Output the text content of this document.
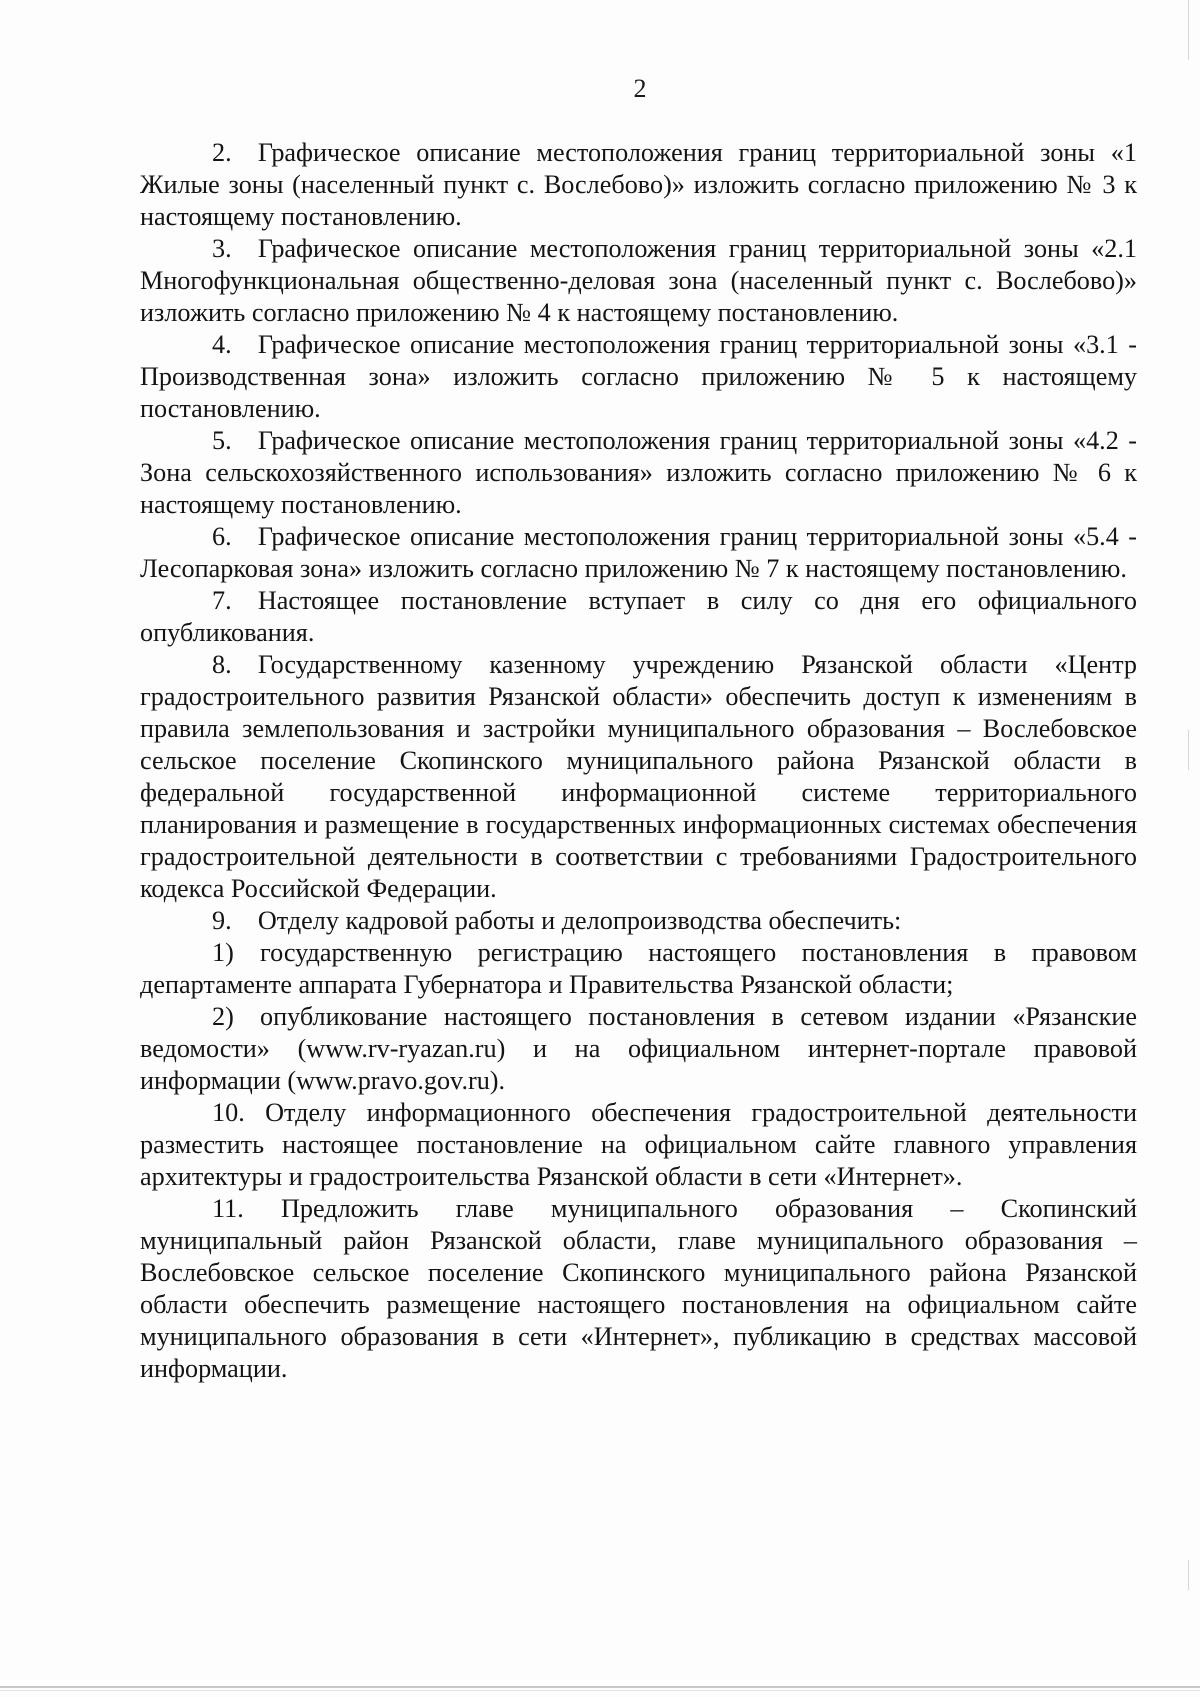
2

2. Графическое описание местоположения границ территориальной зоны «1 Жилые зоны (населенный пункт с. Вослебово)» изложить согласно приложению № 3 к настоящему постановлению.

3. Графическое описание местоположения границ территориальной зоны «2.1 Многофункциональная общественно-деловая зона (населенный пункт с. Вослебово)» изложить согласно приложению № 4 к настоящему постановлению.

4. Графическое описание местоположения границ территориальной зоны «3.1 - Производственная зона» изложить согласно приложению № 5 к настоящему постановлению.

5. Графическое описание местоположения границ территориальной зоны «4.2 - Зона сельскохозяйственного использования» изложить согласно приложению № 6 к настоящему постановлению.

6. Графическое описание местоположения границ территориальной зоны «5.4 - Лесопарковая зона» изложить согласно приложению № 7 к настоящему постановлению.

7. Настоящее постановление вступает в силу со дня его официального опубликования.

8. Государственному казенному учреждению Рязанской области «Центр градостроительного развития Рязанской области» обеспечить доступ к изменениям в правила землепользования и застройки муниципального образования – Вослебовское сельское поселение Скопинского муниципального района Рязанской области в федеральной государственной информационной системе территориального планирования и размещение в государственных информационных системах обеспечения градостроительной деятельности в соответствии с требованиями Градостроительного кодекса Российской Федерации.

9. Отделу кадровой работы и делопроизводства обеспечить:

1) государственную регистрацию настоящего постановления в правовом департаменте аппарата Губернатора и Правительства Рязанской области;

2) опубликование настоящего постановления в сетевом издании «Рязанские ведомости» (www.rv-ryazan.ru) и на официальном интернет-портале правовой информации (www.pravo.gov.ru).

10. Отделу информационного обеспечения градостроительной деятельности разместить настоящее постановление на официальном сайте главного управления архитектуры и градостроительства Рязанской области в сети «Интернет».

11. Предложить главе муниципального образования – Скопинский муниципальный район Рязанской области, главе муниципального образования – Вослебовское сельское поселение Скопинского муниципального района Рязанской области обеспечить размещение настоящего постановления на официальном сайте муниципального образования в сети «Интернет», публикацию в средствах массовой информации.
